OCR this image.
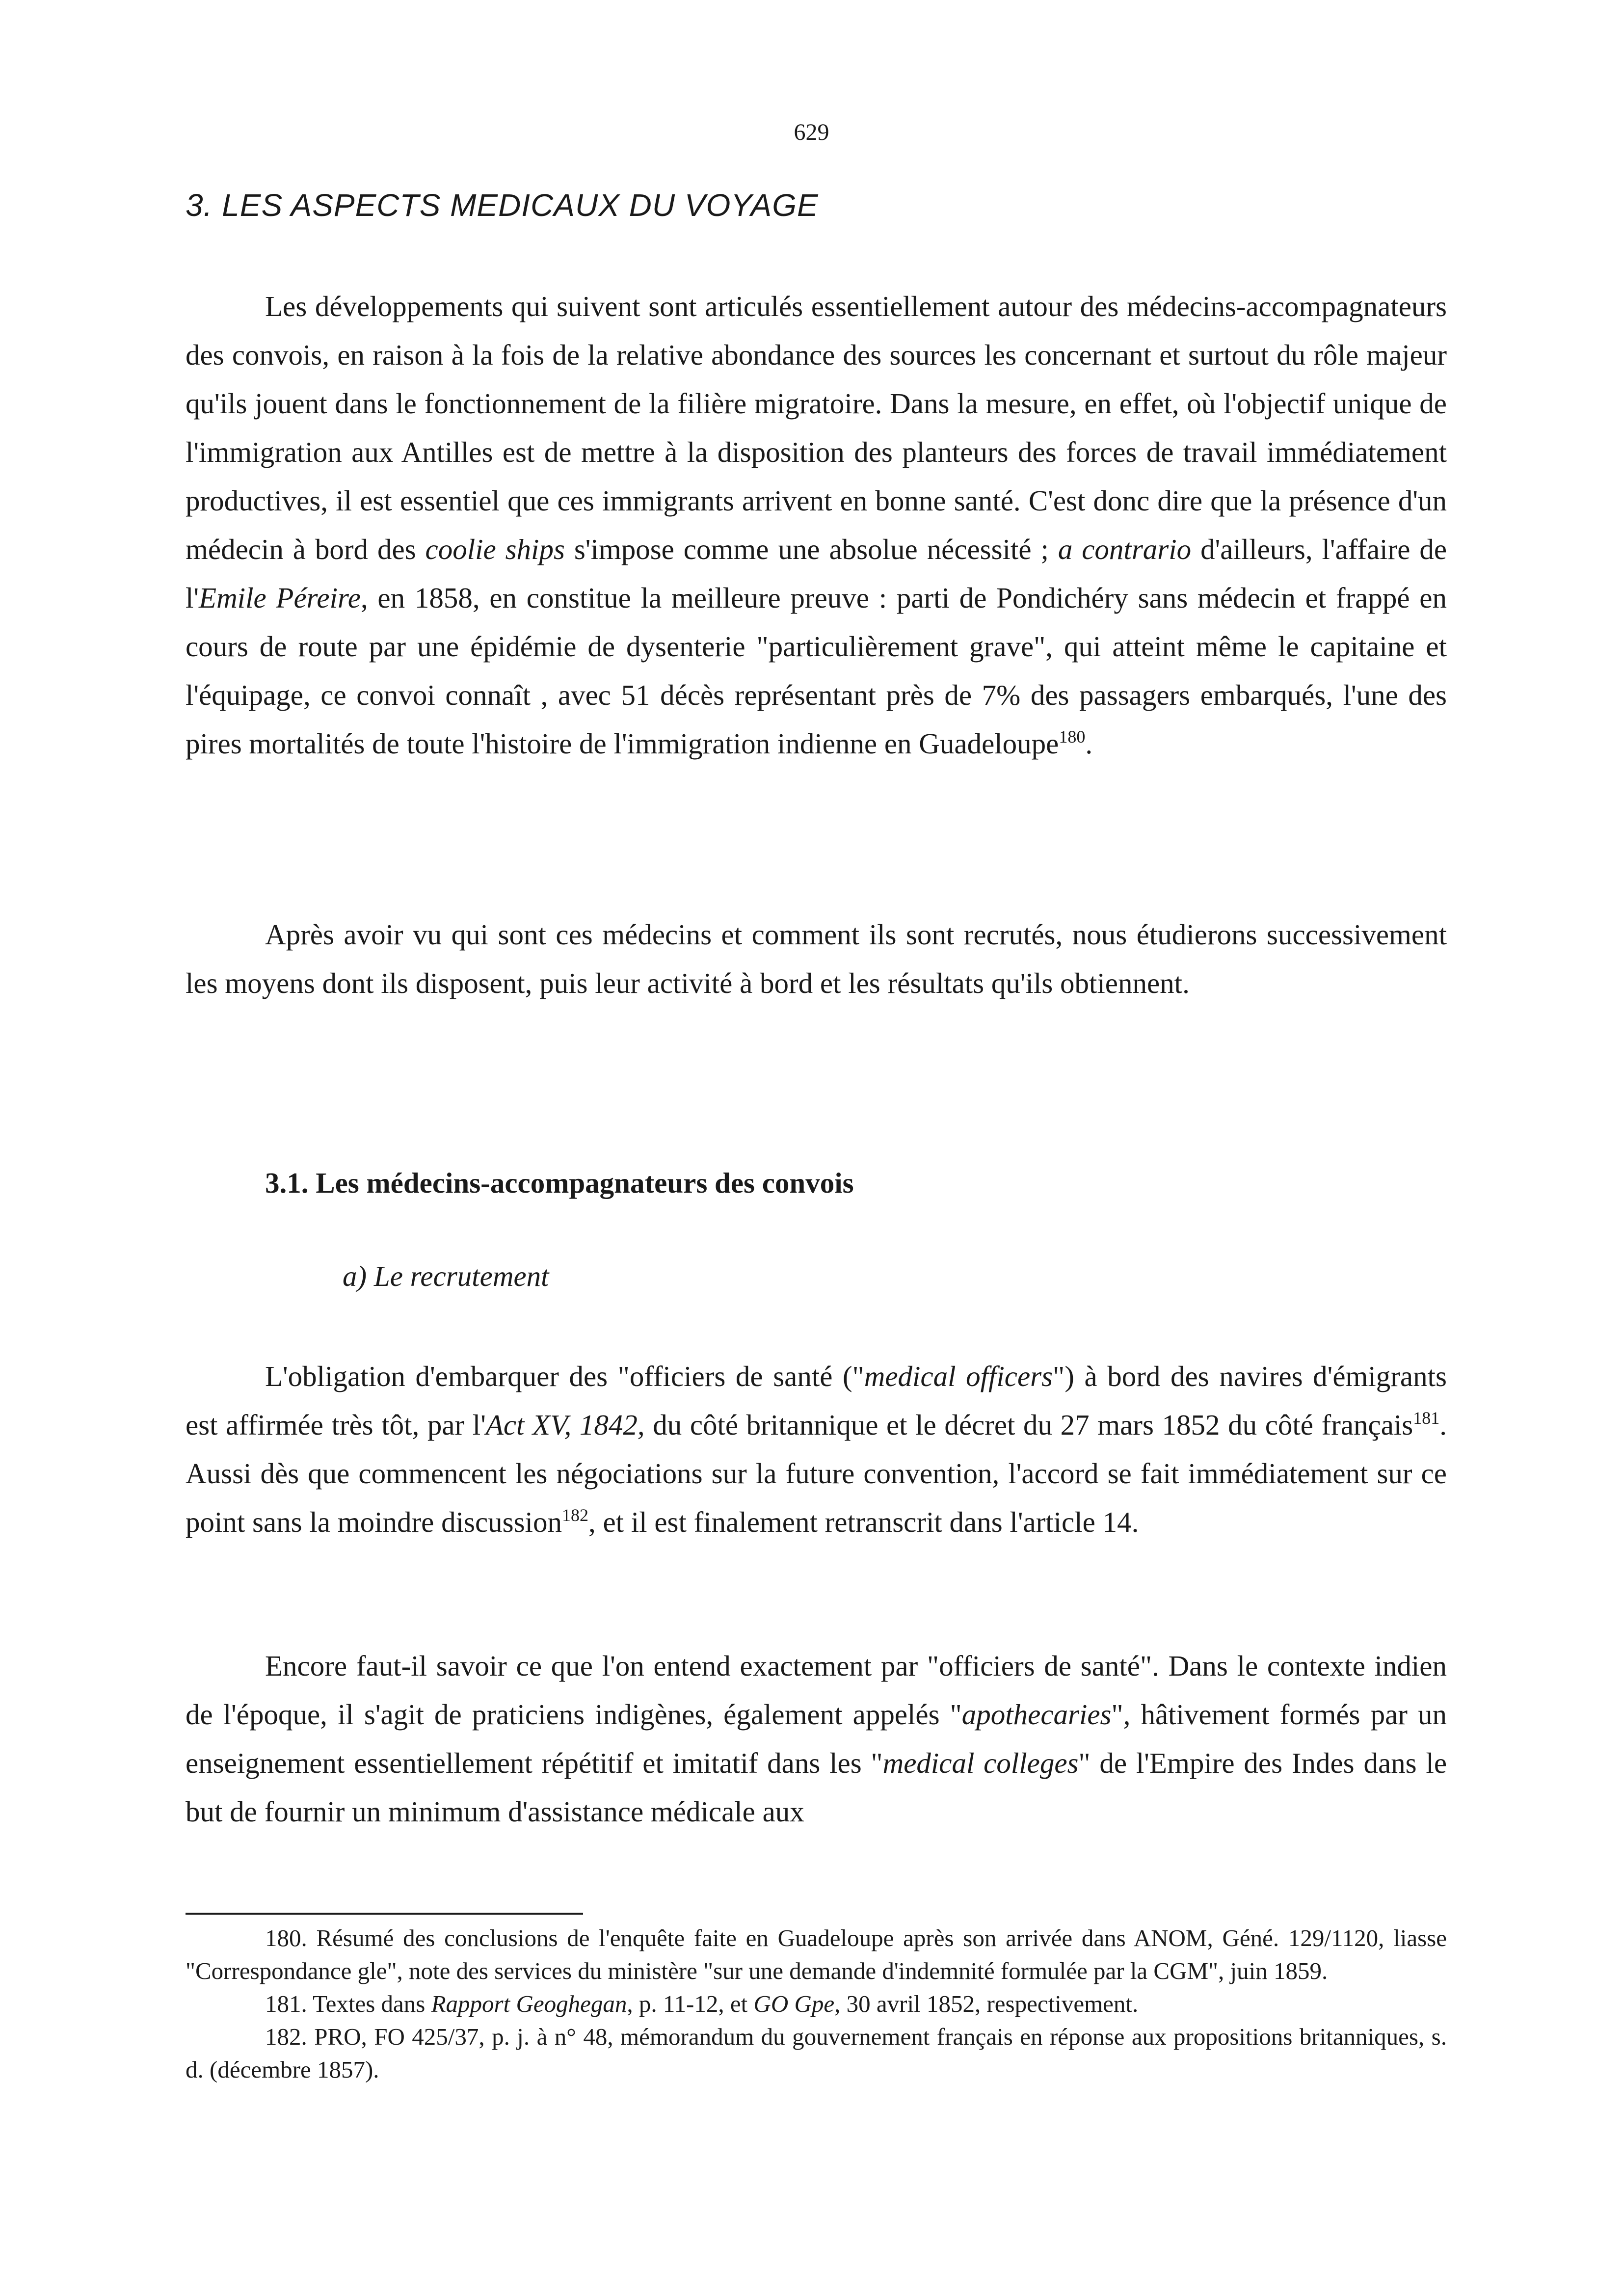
629
3. LES ASPECTS MEDICAUX DU VOYAGE

Les développements qui suivent sont articulés essentiellement autour des médecins-accompagnateurs des convois, en raison à la fois de la relative abondance des sources les concernant et surtout du rôle majeur qu'ils jouent dans le fonctionnement de la filière migratoire. Dans la mesure, en effet, où l'objectif unique de l'immigration aux Antilles est de mettre à la disposition des planteurs des forces de travail immédiatement productives, il est essentiel que ces immigrants arrivent en bonne santé. C'est donc dire que la présence d'un médecin à bord des coolie ships s'impose comme une absolue nécessité ; a contrario d'ailleurs, l'affaire de l'Emile Péreire, en 1858, en constitue la meilleure preuve : parti de Pondichéry sans médecin et frappé en cours de route par une épidémie de dysenterie "particulièrement grave", qui atteint même le capitaine et l'équipage, ce convoi connaît , avec 51 décès représentant près de 7% des passagers embarqués, l'une des pires mortalités de toute l'histoire de l'immigration indienne en Guadeloupe$^{180}$.

Après avoir vu qui sont ces médecins et comment ils sont recrutés, nous étudierons successivement les moyens dont ils disposent, puis leur activité à bord et les résultats qu'ils obtiennent.

3.1. Les médecins-accompagnateurs des convois
a) Le recrutement

L'obligation d'embarquer des "officiers de santé ("medical officers") à bord des navires d'émigrants est affirmée très tôt, par l'Act XV, 1842, du côté britannique et le décret du 27 mars 1852 du côté français$^{181}$. Aussi dès que commencent les négociations sur la future convention, l'accord se fait immédiatement sur ce point sans la moindre discussion$^{182}$, et il est finalement retranscrit dans l'article 14.

Encore faut-il savoir ce que l'on entend exactement par "officiers de santé". Dans le contexte indien de l'époque, il s'agit de praticiens indigènes, également appelés "apothecaries", hâtivement formés par un enseignement essentiellement répétitif et imitatif dans les "medical colleges" de l'Empire des Indes dans le but de fournir un minimum d'assistance médicale aux

180. Résumé des conclusions de l'enquête faite en Guadeloupe après son arrivée dans ANOM, Géné. 129/1120, liasse "Correspondance gle", note des services du ministère "sur une demande d'indemnité formulée par la CGM", juin 1859.

181. Textes dans Rapport Geoghegan, p. 11-12, et GO Gpe, 30 avril 1852, respectivement.

182. PRO, FO 425/37, p. j. à n° 48, mémorandum du gouvernement français en réponse aux propositions britanniques, s. d. (décembre 1857).
